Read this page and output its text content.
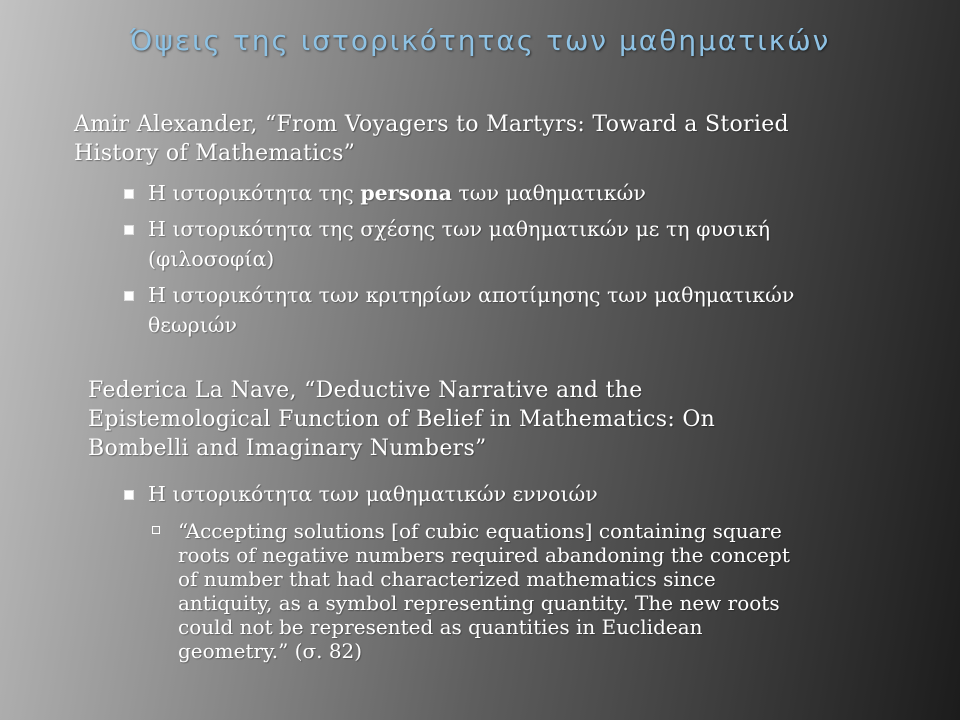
Όψεις της ιστορικότητας των μαθηματικών
Amir Alexander, “From Voyagers to Martyrs: Toward a Storied
History of Mathematics”
Η ιστορικότητα της persona των μαθηματικών
Η ιστορικότητα της σχέσης των μαθηματικών με τη φυσική
(φιλοσοφία)
Η ιστορικότητα των κριτηρίων αποτίμησης των μαθηματικών
θεωριών
Federica La Nave, “Deductive Narrative and the
Epistemological Function of Belief in Mathematics: On
Bombelli and Imaginary Numbers”
Η ιστορικότητα των μαθηματικών εννοιών
“Accepting solutions [of cubic equations] containing square
roots of negative numbers required abandoning the concept
of number that had characterized mathematics since
antiquity, as a symbol representing quantity. The new roots
could not be represented as quantities in Euclidean
geometry.” (σ. 82)
